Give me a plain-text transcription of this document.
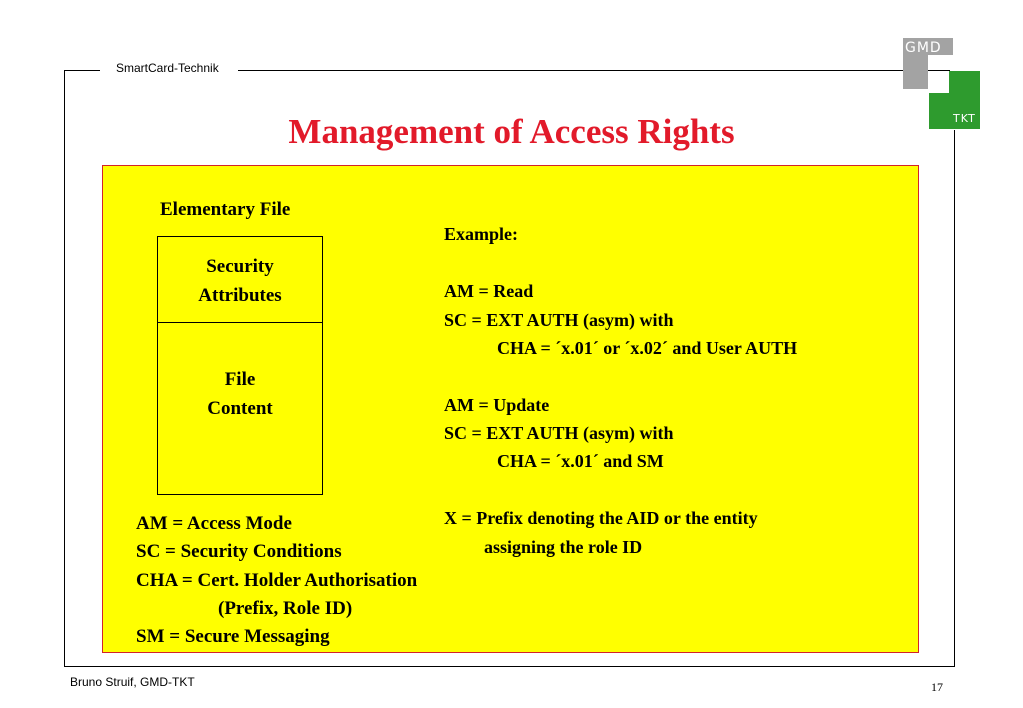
SmartCard-Technik
GMD
TKT
Management of Access Rights
Elementary File
Security
Attributes
File
Content
Example:
AM = Read
SC = EXT AUTH (asym) with
CHA = ´x.01´ or ´x.02´ and User AUTH
AM = Update
SC = EXT AUTH (asym) with
CHA = ´x.01´ and SM
X = Prefix denoting the AID or the entity
assigning the role ID
AM = Access Mode
SC = Security Conditions
CHA = Cert. Holder Authorisation
(Prefix, Role ID)
SM = Secure Messaging
Bruno Struif, GMD-TKT	17
